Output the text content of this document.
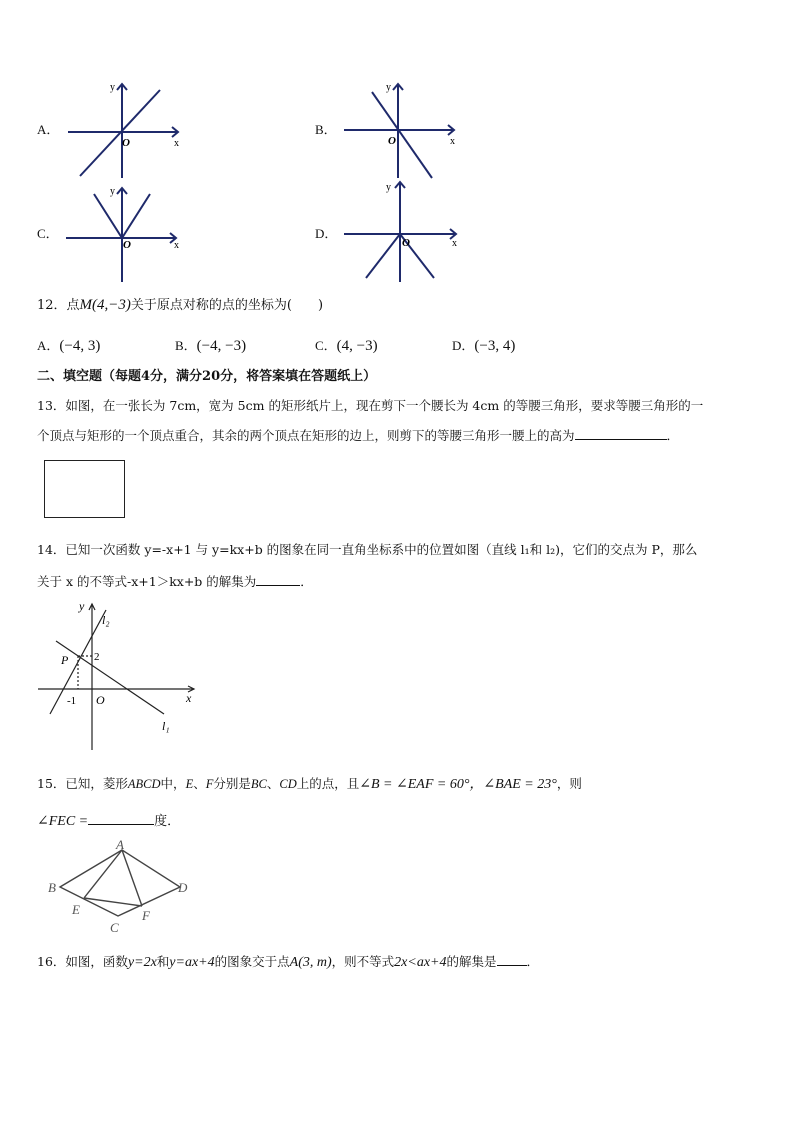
A．
y
x
O
B．
y
x
O
C．
y
x
O
D．
y
x
O
12．点M(4,−3)关于原点对称的点的坐标为(　　)
A．(−4, 3)	B．(−4, −3)	C．(4, −3)	D．(−3, 4)
二、填空题（每题4分，满分20分，将答案填在答题纸上）
13．如图，在一张长为 7cm，宽为 5cm 的矩形纸片上，现在剪下一个腰长为 4cm 的等腰三角形，要求等腰三角形的一
个顶点与矩形的一个顶点重合，其余的两个顶点在矩形的边上，则剪下的等腰三角形一腰上的高为	．
14．已知一次函数 y=-x+1 与 y=kx+b 的图象在同一直角坐标系中的位置如图（直线 l₁和 l₂)，它们的交点为 P，那么
关于 x 的不等式-x+1＞kx+b 的解集为	．
y
x
l₂
l₁
P 2
-1 O
15．已知，菱形ABCD中，E、F分别是BC、CD上的点，且∠B = ∠EAF = 60°，∠BAE = 23°，则
∠FEC =	度．
A
B
C
D
E	F
16．如图，函数y=2x和y=ax+4的图象交于点A(3, m)，则不等式2x<ax+4的解集是 ．
